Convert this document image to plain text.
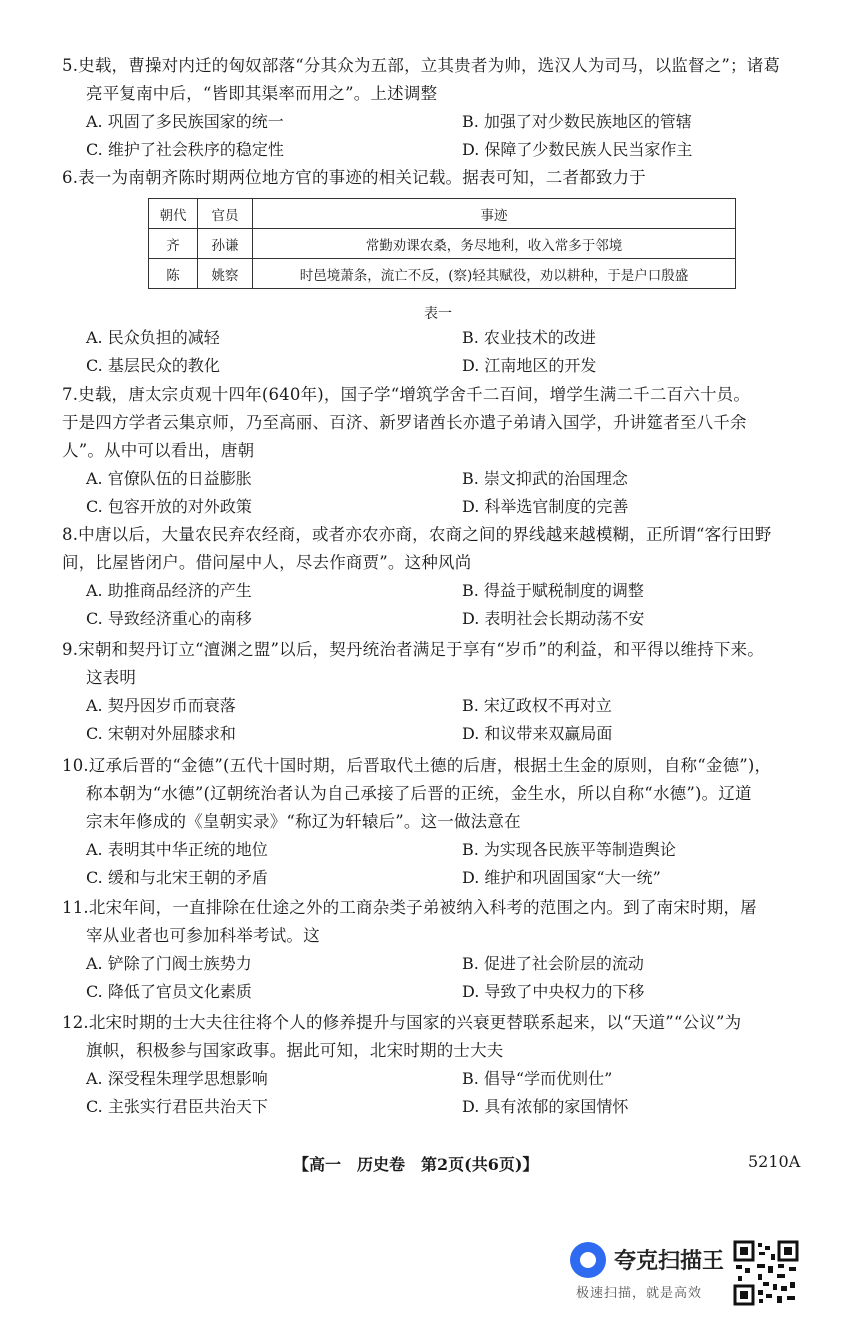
5.史载，曹操对内迁的匈奴部落“分其众为五部，立其贵者为帅，选汉人为司马，以监督之”；诸葛
亮平复南中后，“皆即其渠率而用之”。上述调整
A. 巩固了多民族国家的统一	B. 加强了对少数民族地区的管辖
C. 维护了社会秩序的稳定性	D. 保障了少数民族人民当家作主
6.表一为南朝齐陈时期两位地方官的事迹的相关记载。据表可知，二者都致力于
朝代	官员	事迹
齐	孙谦	常勤劝课农桑，务尽地利，收入常多于邻境
陈	姚察	时邑境萧条，流亡不反，(察)轻其赋役，劝以耕种，于是户口殷盛
表一
A. 民众负担的减轻	B. 农业技术的改进
C. 基层民众的教化	D. 江南地区的开发
7.史载，唐太宗贞观十四年(640年)，国子学“增筑学舍千二百间，增学生满二千二百六十员。
于是四方学者云集京师，乃至高丽、百济、新罗诸酋长亦遣子弟请入国学，升讲筵者至八千余
人”。从中可以看出，唐朝
A. 官僚队伍的日益膨胀	B. 崇文抑武的治国理念
C. 包容开放的对外政策	D. 科举选官制度的完善
8.中唐以后，大量农民弃农经商，或者亦农亦商，农商之间的界线越来越模糊，正所谓“客行田野
间，比屋皆闭户。借问屋中人，尽去作商贾”。这种风尚
A. 助推商品经济的产生	B. 得益于赋税制度的调整
C. 导致经济重心的南移	D. 表明社会长期动荡不安
9.宋朝和契丹订立“澶渊之盟”以后，契丹统治者满足于享有“岁币”的利益，和平得以维持下来。
这表明
A. 契丹因岁币而衰落	B. 宋辽政权不再对立
C. 宋朝对外屈膝求和	D. 和议带来双赢局面
10.辽承后晋的“金德”(五代十国时期，后晋取代土德的后唐，根据土生金的原则，自称“金德”)，
称本朝为“水德”(辽朝统治者认为自己承接了后晋的正统，金生水，所以自称“水德”)。辽道
宗末年修成的《皇朝实录》“称辽为轩辕后”。这一做法意在
A. 表明其中华正统的地位	B. 为实现各民族平等制造舆论
C. 缓和与北宋王朝的矛盾	D. 维护和巩固国家“大一统”
11.北宋年间，一直排除在仕途之外的工商杂类子弟被纳入科考的范围之内。到了南宋时期，屠
宰从业者也可参加科举考试。这
A. 铲除了门阀士族势力	B. 促进了社会阶层的流动
C. 降低了官员文化素质	D. 导致了中央权力的下移
12.北宋时期的士大夫往往将个人的修养提升与国家的兴衰更替联系起来，以“天道”“公议”为
旗帜，积极参与国家政事。据此可知，北宋时期的士大夫
A. 深受程朱理学思想影响	B. 倡导“学而优则仕”
C. 主张实行君臣共治天下	D. 具有浓郁的家国情怀
【高一　历史卷　第2页(共6页)】	5210A
夸克扫描王
极速扫描，就是高效
